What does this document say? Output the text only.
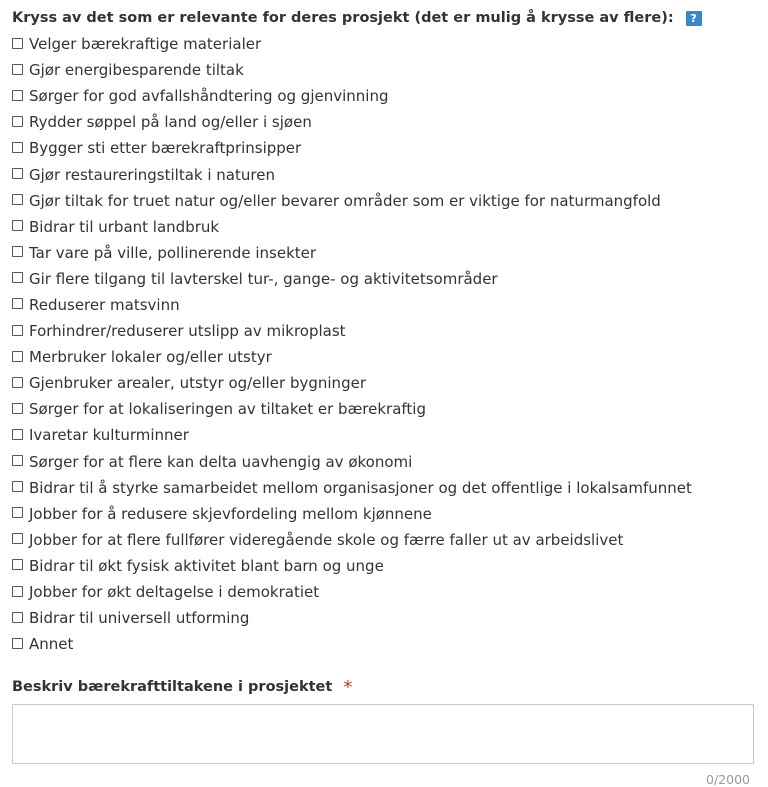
Kryss av det som er relevante for deres prosjekt (det er mulig å krysse av flere):	?
Velger bærekraftige materialer
Gjør energibesparende tiltak
Sørger for god avfallshåndtering og gjenvinning
Rydder søppel på land og/eller i sjøen
Bygger sti etter bærekraftprinsipper
Gjør restaureringstiltak i naturen
Gjør tiltak for truet natur og/eller bevarer områder som er viktige for naturmangfold
Bidrar til urbant landbruk
Tar vare på ville, pollinerende insekter
Gir flere tilgang til lavterskel tur-, gange- og aktivitetsområder
Reduserer matsvinn
Forhindrer/reduserer utslipp av mikroplast
Merbruker lokaler og/eller utstyr
Gjenbruker arealer, utstyr og/eller bygninger
Sørger for at lokaliseringen av tiltaket er bærekraftig
Ivaretar kulturminner
Sørger for at flere kan delta uavhengig av økonomi
Bidrar til å styrke samarbeidet mellom organisasjoner og det offentlige i lokalsamfunnet
Jobber for å redusere skjevfordeling mellom kjønnene
Jobber for at flere fullfører videregående skole og færre faller ut av arbeidslivet
Bidrar til økt fysisk aktivitet blant barn og unge
Jobber for økt deltagelse i demokratiet
Bidrar til universell utforming
Annet
Beskriv bærekrafttiltakene i prosjektet *
0/2000
